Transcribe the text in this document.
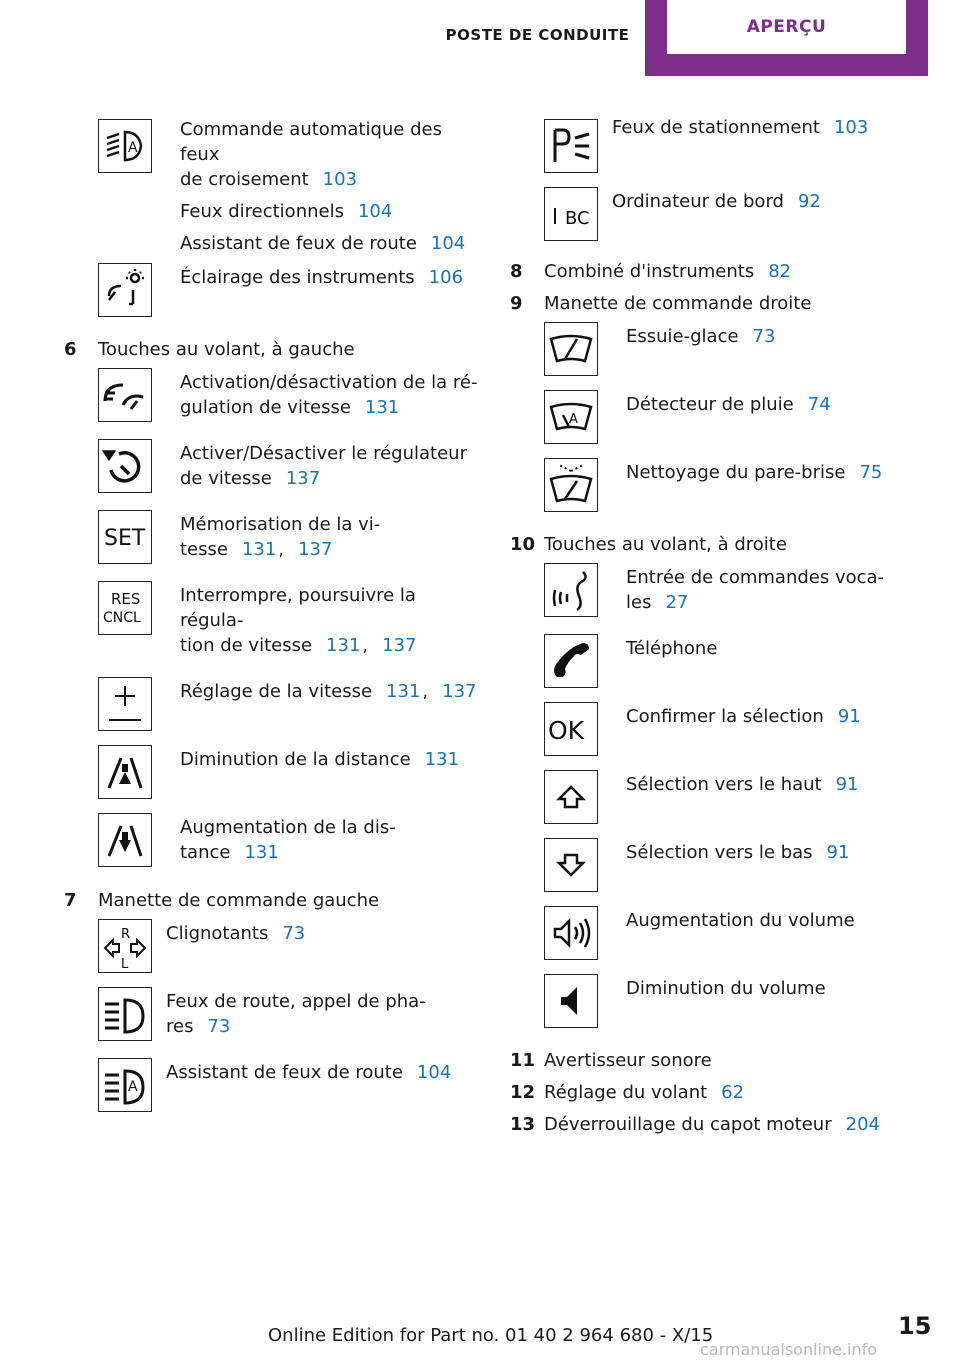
POSTE DE CONDUITE	APERÇU
A
Commande automatique des feux
de croisement 103
Feux directionnels 104
Assistant de feux de route 104
Éclairage des instruments 106
6	Touches au volant, à gauche
Activation/désactivation de la ré‐
gulation de vitesse 131
Activer/Désactiver le régulateur
de vitesse 137
SET
Mémorisation de la vi‐
tesse 131 , 137
RES
CNCL
Interrompre, poursuivre la régula‐
tion de vitesse 131 , 137
Réglage de la vitesse 131 , 137
Diminution de la distance 131
Augmentation de la dis‐
tance 131
7	Manette de commande gauche
R
L
Clignotants 73
Feux de route, appel de pha‐
res 73
A
Assistant de feux de route 104
Feux de stationnement 103
BC
Ordinateur de bord 92
8	Combiné d'instruments 82
9	Manette de commande droite
Essuie-glace 73
A
Détecteur de pluie 74
Nettoyage du pare-brise 75
10 Touches au volant, à droite
Entrée de commandes voca‐
les 27
Téléphone
OK Confirmer la sélection 91
Sélection vers le haut 91
Sélection vers le bas 91
Augmentation du volume
Diminution du volume
11 Avertisseur sonore
12 Réglage du volant 62
13 Déverrouillage du capot moteur 204
15
Online Edition for Part no. 01 40 2 964 680 - X/15
carmanualsonline.info
